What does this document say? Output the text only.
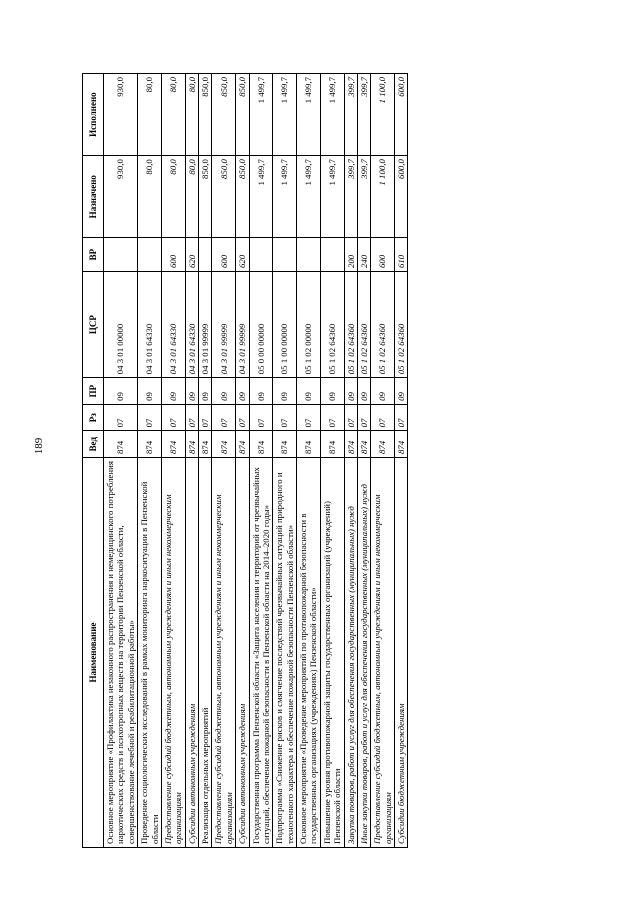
189
Наименование	Вед	Рз	ПР	ЦСР	ВР	Назначено	Исполнено
Основное мероприятие «Профилактика незаконного распространения и немедицинского потребления наркотических средств и психотропных веществ на территории Пензенской области, совершенствование лечебной и реабилитационной работы»	874	07	09	04 3 01 00000		930,0	930,0
Проведение социологических исследований в рамках мониторинга наркоситуации в Пензенской области	874	07	09	04 3 01 64330		80,0	80,0
Предоставление субсидий бюджетным, автономным учреждениям и иным некоммерческим организациям	874	07	09	04 3 01 64330	600	80,0	80,0
Субсидии автономным учреждениям	874	07	09	04 3 01 64330	620	80,0	80,0
Реализация отдельных мероприятий	874	07	09	04 3 01 99999		850,0	850,0
Предоставление субсидий бюджетным, автономным учреждениям и иным некоммерческим организациям	874	07	09	04 3 01 99999	600	850,0	850,0
Субсидии автономным учреждениям	874	07	09	04 3 01 99999	620	850,0	850,0
Государственная программа Пензенской области «Защита населения и территорий от чрезвычайных ситуаций, обеспечение пожарной безопасности в Пензенской области на 2014–2020 годы»	874	07	09	05 0 00 00000		1 499,7	1 499,7
Подпрограмма «Снижение рисков и смягчение последствий чрезвычайных ситуаций природного и техногенного характера и обеспечение пожарной безопасности Пензенской области»	874	07	09	05 1 00 00000		1 499,7	1 499,7
Основное мероприятие «Проведение мероприятий по противопожарной безопасности в государственных организациях (учреждениях) Пензенской области»	874	07	09	05 1 02 00000		1 499,7	1 499,7
Повышение уровня противопожарной защиты государственных организаций (учреждений) Пензенской области	874	07	09	05 1 02 64360		1 499,7	1 499,7
Закупка товаров, работ и услуг для обеспечения государственных (муниципальных) нужд	874	07	09	05 1 02 64360	200	399,7	399,7
Иные закупки товаров, работ и услуг для обеспечения государственных (муниципальных) нужд	874	07	09	05 1 02 64360	240	399,7	399,7
Предоставление субсидий бюджетным, автономным учреждениям и иным некоммерческим организациям	874	07	09	05 1 02 64360	600	1 100,0	1 100,0
Субсидии бюджетным учреждениям	874	07	09	05 1 02 64360	610	600,0	600,0
